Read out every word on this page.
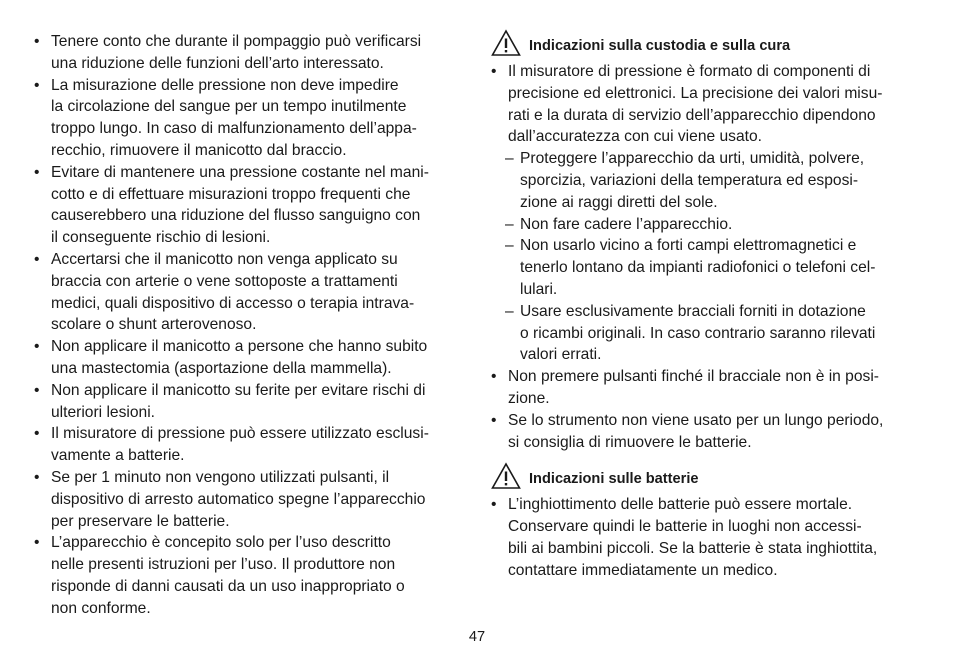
• Tenere conto che durante il pompaggio può verificarsi
una riduzione delle funzioni dell’arto interessato.
• La misurazione delle pressione non deve impedire
la circolazione del sangue per un tempo inutilmente
troppo lungo. In caso di malfunzionamento dell’appa-
recchio, rimuovere il manicotto dal braccio.
• Evitare di mantenere una pressione costante nel mani-
cotto e di effettuare misurazioni troppo frequenti che
causerebbero una riduzione del flusso sanguigno con
il conseguente rischio di lesioni.
• Accertarsi che il manicotto non venga applicato su
braccia con arterie o vene sottoposte a trattamenti
medici, quali dispositivo di accesso o terapia intrava-
scolare o shunt arterovenoso.
• Non applicare il manicotto a persone che hanno subito
una mastectomia (asportazione della mammella).
• Non applicare il manicotto su ferite per evitare rischi di
ulteriori lesioni.
• Il misuratore di pressione può essere utilizzato esclusi-
vamente a batterie.
• Se per 1 minuto non vengono utilizzati pulsanti, il
dispositivo di arresto automatico spegne l’apparecchio
per preservare le batterie.
• L’apparecchio è concepito solo per l’uso descritto
nelle presenti istruzioni per l’uso. Il produttore non
risponde di danni causati da un uso inappropriato o
non conforme.
Indicazioni sulla custodia e sulla cura
• Il misuratore di pressione è formato di componenti di
precisione ed elettronici. La precisione dei valori misu-
rati e la durata di servizio dell’apparecchio dipendono
dall’accuratezza con cui viene usato.
– Proteggere l’apparecchio da urti, umidità, polvere,
sporcizia, variazioni della temperatura ed esposi-
zione ai raggi diretti del sole.
– Non fare cadere l’apparecchio.
– Non usarlo vicino a forti campi elettromagnetici e
tenerlo lontano da impianti radiofonici o telefoni cel-
lulari.
– Usare esclusivamente bracciali forniti in dotazione
o ricambi originali. In caso contrario saranno rilevati
valori errati.
• Non premere pulsanti finché il bracciale non è in posi-
zione.
• Se lo strumento non viene usato per un lungo periodo,
si consiglia di rimuovere le batterie.
Indicazioni sulle batterie
• L’inghiottimento delle batterie può essere mortale.
Conservare quindi le batterie in luoghi non accessi-
bili ai bambini piccoli. Se la batterie è stata inghiottita,
contattare immediatamente un medico.
47
